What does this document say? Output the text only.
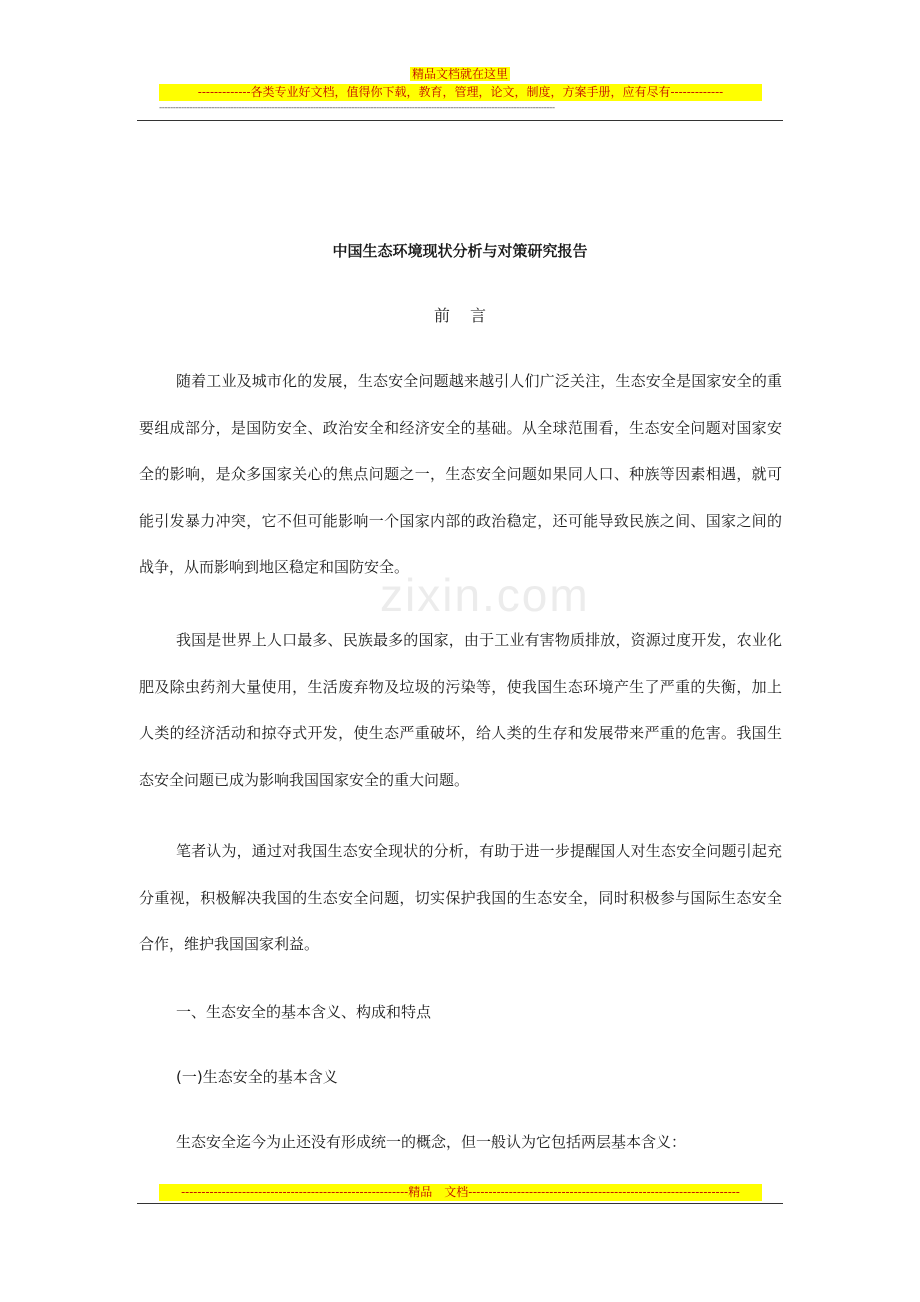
精品文档就在这里
-------------各类专业好文档，值得你下载，教育，管理，论文，制度，方案手册，应有尽有-------------
------------------------------------------------------------------------------------------------------------------------------------------------
zixin.com
中国生态环境现状分析与对策研究报告
前言

随着工业及城市化的发展，生态安全问题越来越引人们广泛关注，生态安全是国家安全的重要组成部分，是国防安全、政治安全和经济安全的基础。从全球范围看，生态安全问题对国家安全的影响，是众多国家关心的焦点问题之一，生态安全问题如果同人口、种族等因素相遇，就可能引发暴力冲突，它不但可能影响一个国家内部的政治稳定，还可能导致民族之间、国家之间的战争，从而影响到地区稳定和国防安全。

我国是世界上人口最多、民族最多的国家，由于工业有害物质排放，资源过度开发，农业化肥及除虫药剂大量使用，生活废弃物及垃圾的污染等，使我国生态环境产生了严重的失衡，加上人类的经济活动和掠夺式开发，使生态严重破坏，给人类的生存和发展带来严重的危害。我国生态安全问题已成为影响我国国家安全的重大问题。

笔者认为，通过对我国生态安全现状的分析，有助于进一步提醒国人对生态安全问题引起充分重视，积极解决我国的生态安全问题，切实保护我国的生态安全，同时积极参与国际生态安全合作，维护我国国家利益。

一、生态安全的基本含义、构成和特点
(一)生态安全的基本含义
生态安全迄今为止还没有形成统一的概念，但一般认为它包括两层基本含义：
--------------------------------------------------------精品　文档-------------------------------------------------------------------
